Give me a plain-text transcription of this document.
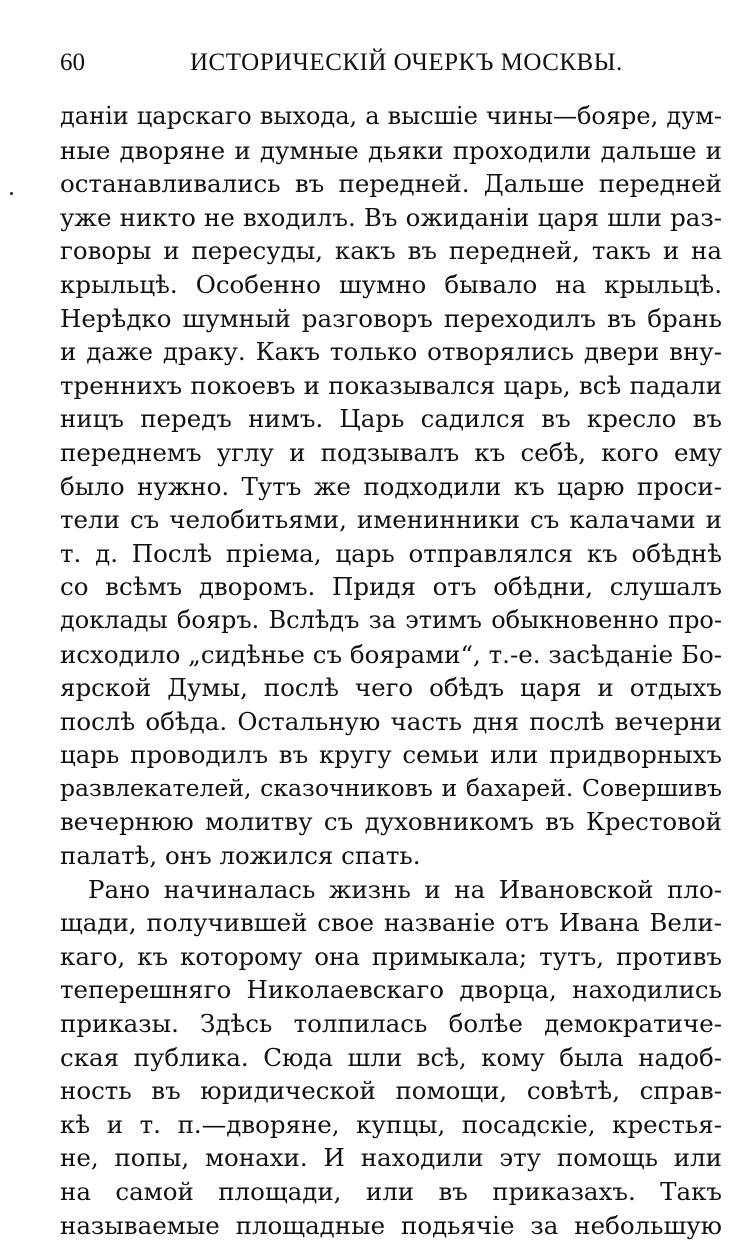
60	ИСТОРИЧЕСКІЙ ОЧЕРКЪ МОСКВЫ.
даніи царскаго выхода, а высшіе чины—бояре, дум-
ные дворяне и думные дьяки проходили дальше и
останавливались въ передней. Дальше передней
уже никто не входилъ. Въ ожиданіи царя шли раз-
говоры и пересуды, какъ въ передней, такъ и на
крыльцѣ. Особенно шумно бывало на крыльцѣ.
Нерѣдко шумный разговоръ переходилъ въ брань
и даже драку. Какъ только отворялись двери вну-
треннихъ покоевъ и показывался царь, всѣ падали
ницъ передъ нимъ. Царь садился въ кресло въ
переднемъ углу и подзывалъ къ себѣ, кого ему
было нужно. Тутъ же подходили къ царю проси-
тели съ челобитьями, именинники съ калачами и
т. д. Послѣ пріема, царь отправлялся къ обѣднѣ
со всѣмъ дворомъ. Придя отъ обѣдни, слушалъ
доклады бояръ. Вслѣдъ за этимъ обыкновенно про-
исходило „сидѣнье съ боярами“, т.-е. засѣданіе Бо-
ярской Думы, послѣ чего обѣдъ царя и отдыхъ
послѣ обѣда. Остальную часть дня послѣ вечерни
царь проводилъ въ кругу семьи или придворныхъ
развлекателей, сказочниковъ и бахарей. Совершивъ
вечернюю молитву съ духовникомъ въ Крестовой
палатѣ, онъ ложился спать.
Рано начиналась жизнь и на Ивановской пло-
щади, получившей свое названіе отъ Ивана Вели-
каго, къ которому она примыкала; тутъ, противъ
теперешняго Николаевскаго дворца, находились
приказы. Здѣсь толпилась болѣе демократиче-
ская публика. Сюда шли всѣ, кому была надоб-
ность въ юридической помощи, совѣтѣ, справ-
кѣ и т. п.—дворяне, купцы, посадскіе, крестья-
не, попы, монахи. И находили эту помощь или
на самой площади, или въ приказахъ. Такъ
называемые площадные подьячіе за небольшую
